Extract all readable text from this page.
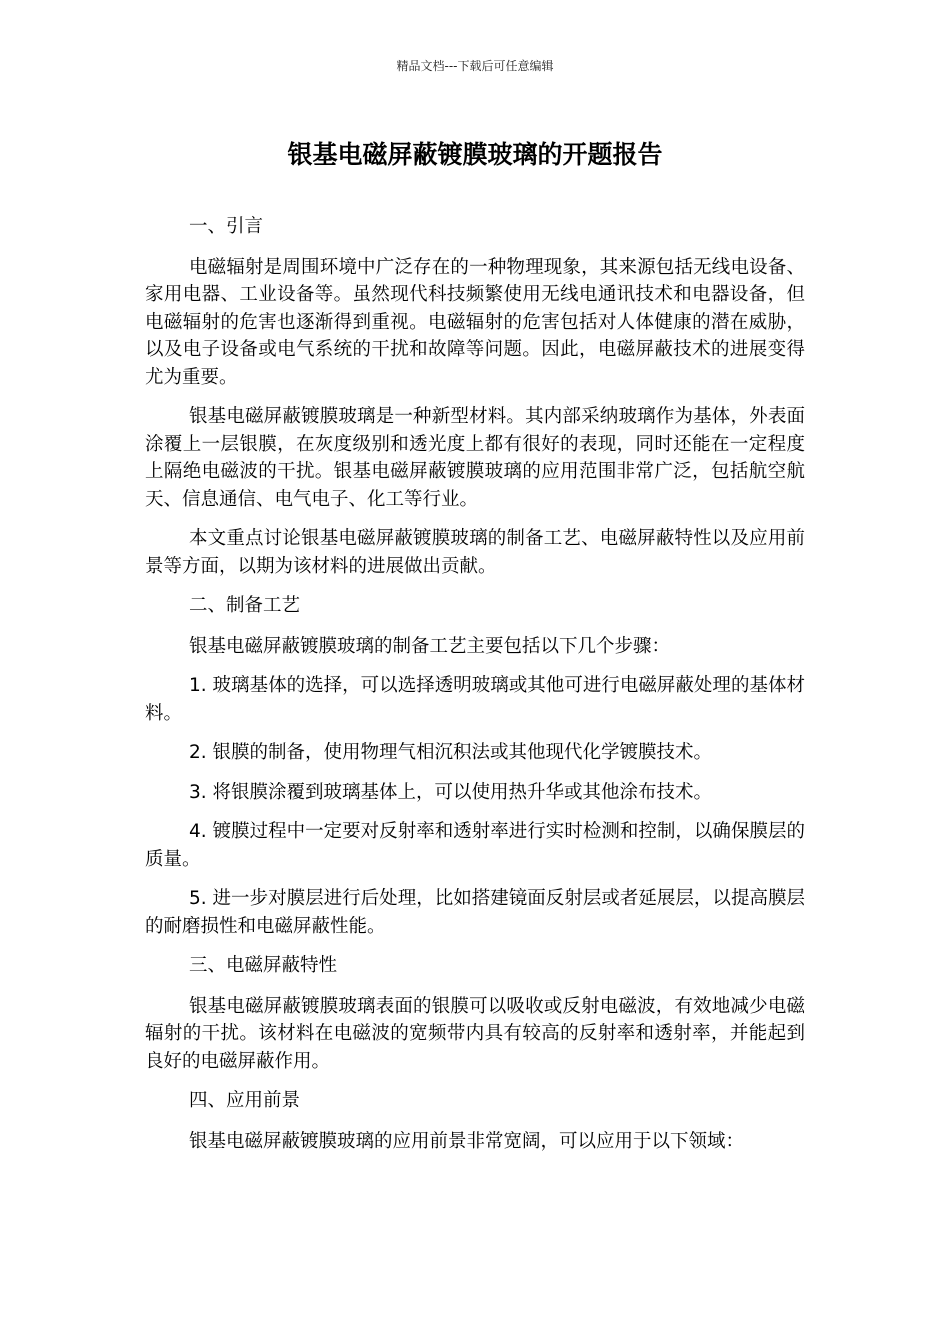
精品文档---下载后可任意编辑
银基电磁屏蔽镀膜玻璃的开题报告

一、引言

电磁辐射是周围环境中广泛存在的一种物理现象，其来源包括无线电设备、家用电器、工业设备等。虽然现代科技频繁使用无线电通讯技术和电器设备，但电磁辐射的危害也逐渐得到重视。电磁辐射的危害包括对人体健康的潜在威胁，以及电子设备或电气系统的干扰和故障等问题。因此，电磁屏蔽技术的进展变得尤为重要。

银基电磁屏蔽镀膜玻璃是一种新型材料。其内部采纳玻璃作为基体，外表面涂覆上一层银膜，在灰度级别和透光度上都有很好的表现，同时还能在一定程度上隔绝电磁波的干扰。银基电磁屏蔽镀膜玻璃的应用范围非常广泛，包括航空航天、信息通信、电气电子、化工等行业。

本文重点讨论银基电磁屏蔽镀膜玻璃的制备工艺、电磁屏蔽特性以及应用前景等方面，以期为该材料的进展做出贡献。

二、制备工艺

银基电磁屏蔽镀膜玻璃的制备工艺主要包括以下几个步骤：

1. 玻璃基体的选择，可以选择透明玻璃或其他可进行电磁屏蔽处理的基体材料。

2. 银膜的制备，使用物理气相沉积法或其他现代化学镀膜技术。

3. 将银膜涂覆到玻璃基体上，可以使用热升华或其他涂布技术。

4. 镀膜过程中一定要对反射率和透射率进行实时检测和控制，以确保膜层的质量。

5. 进一步对膜层进行后处理，比如搭建镜面反射层或者延展层，以提高膜层的耐磨损性和电磁屏蔽性能。

三、电磁屏蔽特性

银基电磁屏蔽镀膜玻璃表面的银膜可以吸收或反射电磁波，有效地减少电磁辐射的干扰。该材料在电磁波的宽频带内具有较高的反射率和透射率，并能起到良好的电磁屏蔽作用。

四、应用前景

银基电磁屏蔽镀膜玻璃的应用前景非常宽阔，可以应用于以下领域：
